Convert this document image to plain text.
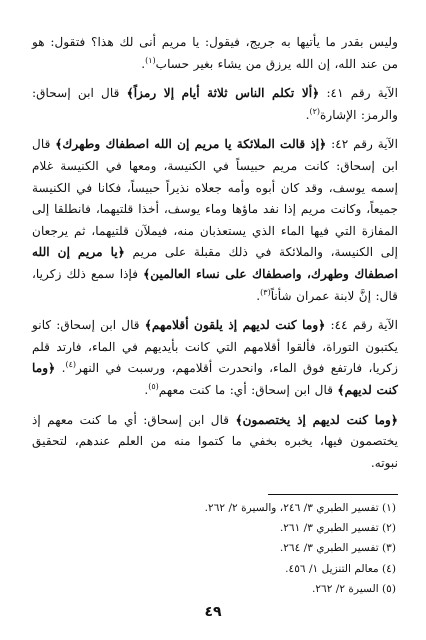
وليس بقدر ما يأتيها به جريج، فيقول: يا مريم أنى لك هذا؟ فتقول: هو من عند الله، إن الله يرزق من يشاء بغير حساب$^{(١)}$.

الآية رقم ٤١: ﴿ألا تكلم الناس ثلاثة أيام إلا رمزاً﴾ قال ابن إسحاق: والرمز: الإشارة$^{(٢)}$.

الآية رقم ٤٢: ﴿إذ قالت الملائكة يا مريم إن الله اصطفاك وطهرك﴾ قال ابن إسحاق: كانت مريم حبيساً في الكنيسة، ومعها في الكنيسة غلام إسمه يوسف، وقد كان أبوه وأمه جعلاه نذيراً حبيساً، فكانا في الكنيسة جميعاً، وكانت مريم إذا نفد ماؤها وماء يوسف، أخذا قلتيهما، فانطلقا إلى المفازة التي فيها الماء الذي يستعذبان منه، فيملآن قلتيهما، ثم يرجعان إلى الكنيسة، والملائكة في ذلك مقبلة على مريم ﴿يا مريم إن الله اصطفاك وطهرك، واصطفاك على نساء العالمين﴾ فإذا سمع ذلك زكريا، قال: إنَّ لابنة عمران شأناً$^{(٣)}$.

الآية رقم ٤٤: ﴿وما كنت لديهم إذ يلقون أقلامهم﴾ قال ابن إسحاق: كانو يكتبون التوراة، فألقوا أقلامهم التي كانت بأيديهم في الماء، فارتد قلم زكريا، فارتفع فوق الماء، وانحدرت أقلامهم، ورسبت في النهر$^{(٤)}$. ﴿وما كنت لديهم﴾ قال ابن إسحاق: أي: ما كنت معهم$^{(٥)}$.

﴿وما كنت لديهم إذ يختصمون﴾ قال ابن إسحاق: أي ما كنت معهم إذ يختصمون فيها، يخبره بخفي ما كتموا منه من العلم عندهم، لتحقيق نبوته.

(١) تفسير الطبري ٣/ ٢٤٦، والسيرة ٢/ ٢٦٢.
(٢) تفسير الطبري ٣/ ٢٦١.
(٣) تفسير الطبري ٣/ ٢٦٤.
(٤) معالم التنزيل ١/ ٤٥٦.
(٥) السيرة ٢/ ٢٦٢.
٤٩
